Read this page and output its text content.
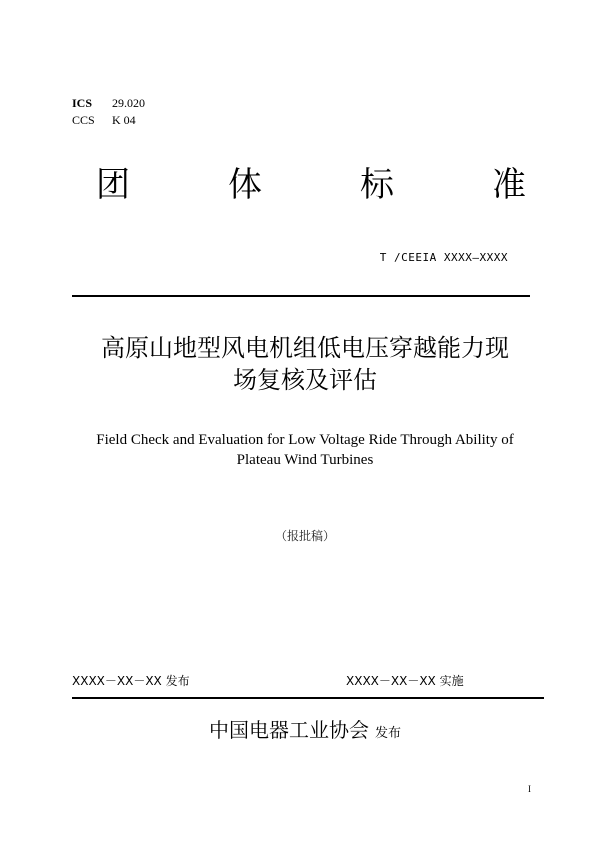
ICS 29.020
CCS K 04
团	体	标	准
T /CEEIA XXXX—XXXX
高原山地型风电机组低电压穿越能力现
场复核及评估
Field Check and Evaluation for Low Voltage Ride Through Ability of
Plateau Wind Turbines
（报批稿）
XXXX－XX－XX 发布	XXXX－XX－XX 实施
中国电器工业协会 发布
I
